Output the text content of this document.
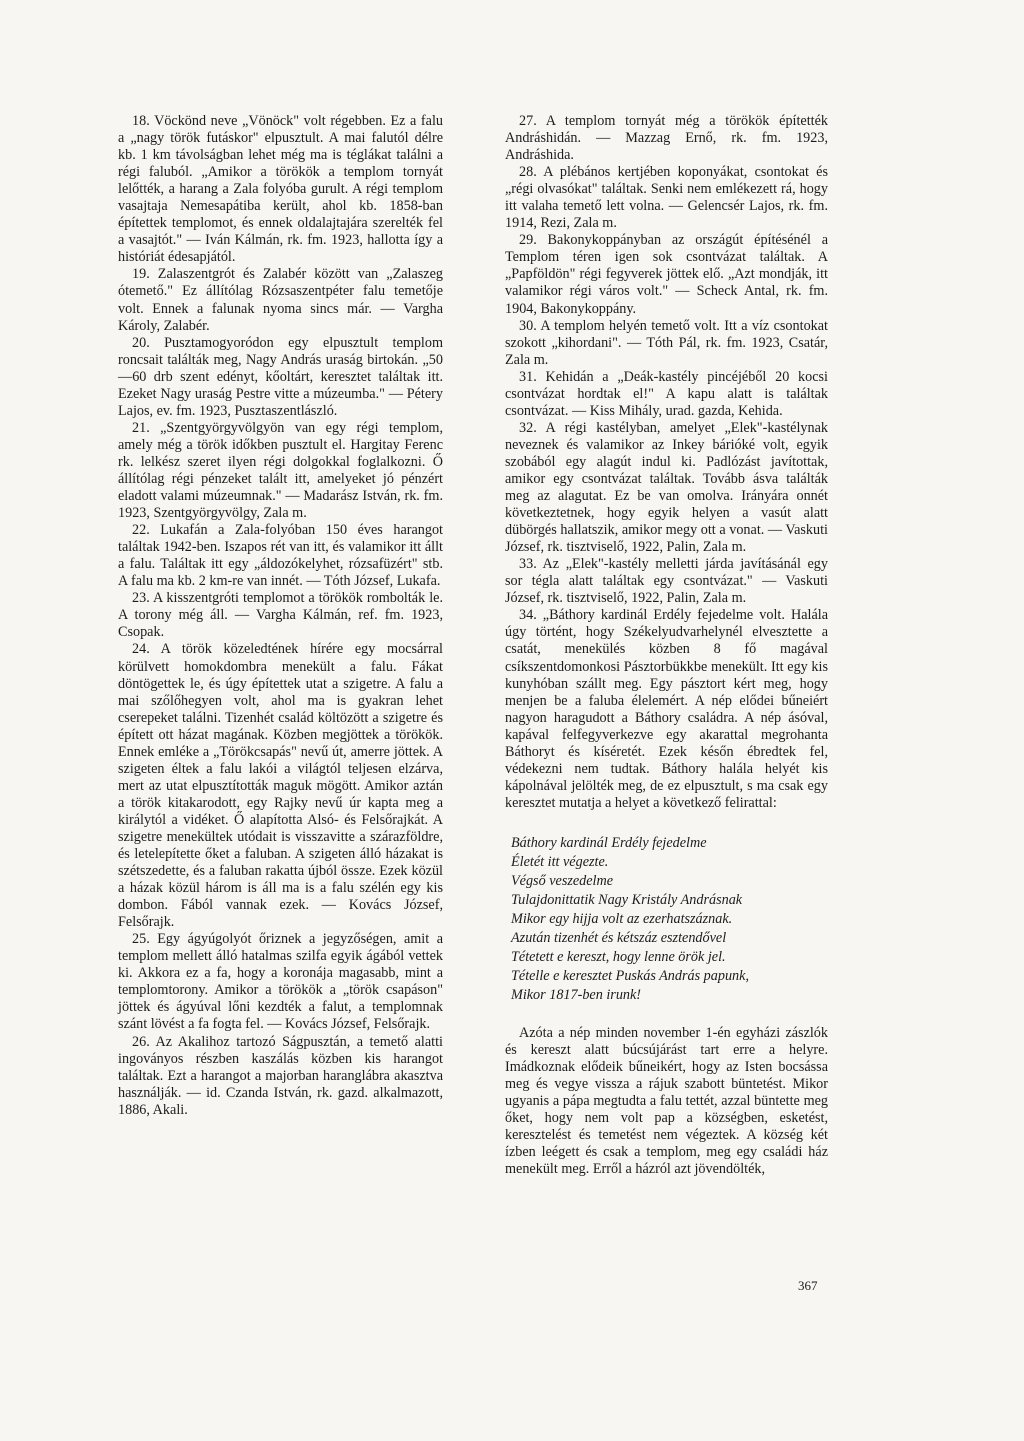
18. Vöckönd neve „Vönöck" volt régebben. Ez a falu a „nagy török futáskor" elpusztult. A mai falutól délre kb. 1 km távolságban lehet még ma is téglákat találni a régi faluból. „Amikor a törökök a templom tornyát lelőtték, a harang a Zala folyóba gurult. A régi templom vasajtaja Nemesapátiba került, ahol kb. 1858-ban építettek templomot, és ennek oldalajtajára szerelték fel a vasajtót." — Iván Kálmán, rk. fm. 1923, hallotta így a históriát édesapjától.

19. Zalaszentgrót és Zalabér között van „Zalaszeg ótemető." Ez állítólag Rózsaszentpéter falu temetője volt. Ennek a falunak nyoma sincs már. — Vargha Károly, Zalabér.

20. Pusztamogyoródon egy elpusztult templom roncsait találták meg, Nagy András uraság birtokán. „50—60 drb szent edényt, kőoltárt, keresztet találtak itt. Ezeket Nagy uraság Pestre vitte a múzeumba." — Pétery Lajos, ev. fm. 1923, Pusztaszentlászló.

21. „Szentgyörgyvölgyön van egy régi templom, amely még a török időkben pusztult el. Hargitay Ferenc rk. lelkész szeret ilyen régi dolgokkal foglalkozni. Ő állítólag régi pénzeket talált itt, amelyeket jó pénzért eladott valami múzeumnak." — Madarász István, rk. fm. 1923, Szentgyörgyvölgy, Zala m.

22. Lukafán a Zala-folyóban 150 éves harangot találtak 1942-ben. Iszapos rét van itt, és valamikor itt állt a falu. Találtak itt egy „áldozókelyhet, rózsafüzért" stb. A falu ma kb. 2 km-re van innét. — Tóth József, Lukafa.

23. A kisszentgróti templomot a törökök rombolták le. A torony még áll. — Vargha Kálmán, ref. fm. 1923, Csopak.

24. A török közeledtének hírére egy mocsárral körülvett homokdombra menekült a falu. Fákat döntögettek le, és úgy építettek utat a szigetre. A falu a mai szőlőhegyen volt, ahol ma is gyakran lehet cserepeket találni. Tizenhét család költözött a szigetre és épített ott házat magának. Közben megjöttek a törökök. Ennek emléke a „Törökcsapás" nevű út, amerre jöttek. A szigeten éltek a falu lakói a világtól teljesen elzárva, mert az utat elpusztították maguk mögött. Amikor aztán a török kitakarodott, egy Rajky nevű úr kapta meg a királytól a vidéket. Ő alapította Alsó- és Felsőrajkát. A szigetre menekültek utódait is visszavitte a szárazföldre, és letelepítette őket a faluban. A szigeten álló házakat is szétszedette, és a faluban rakatta újból össze. Ezek közül a házak közül három is áll ma is a falu szélén egy kis dombon. Fából vannak ezek. — Kovács József, Felsőrajk.

25. Egy ágyúgolyót őriznek a jegyzőségen, amit a templom mellett álló hatalmas szilfa egyik ágából vettek ki. Akkora ez a fa, hogy a koronája magasabb, mint a templomtorony. Amikor a törökök a „török csapáson" jöttek és ágyúval lőni kezdték a falut, a templomnak szánt lövést a fa fogta fel. — Kovács József, Felsőrajk.

26. Az Akalihoz tartozó Ságpusztán, a temető alatti ingoványos részben kaszálás közben kis harangot találtak. Ezt a harangot a majorban haranglábra akasztva használják. — id. Czanda István, rk. gazd. alkalmazott, 1886, Akali.

27. A templom tornyát még a törökök építették Andráshidán. — Mazzag Ernő, rk. fm. 1923, Andráshida.

28. A plébános kertjében koponyákat, csontokat és „régi olvasókat" találtak. Senki nem emlékezett rá, hogy itt valaha temető lett volna. — Gelencsér Lajos, rk. fm. 1914, Rezi, Zala m.

29. Bakonykoppányban az országút építésénél a Templom téren igen sok csontvázat találtak. A „Papföldön" régi fegyverek jöttek elő. „Azt mondják, itt valamikor régi város volt." — Scheck Antal, rk. fm. 1904, Bakonykoppány.

30. A templom helyén temető volt. Itt a víz csontokat szokott „kihordani". — Tóth Pál, rk. fm. 1923, Csatár, Zala m.

31. Kehidán a „Deák-kastély pincéjéből 20 kocsi csontvázat hordtak el!" A kapu alatt is találtak csontvázat. — Kiss Mihály, urad. gazda, Kehida.

32. A régi kastélyban, amelyet „Elek"-kastélynak neveznek és valamikor az Inkey bárióké volt, egyik szobából egy alagút indul ki. Padlózást javítottak, amikor egy csontvázat találtak. Tovább ásva találták meg az alagutat. Ez be van omolva. Irányára onnét következtetnek, hogy egyik helyen a vasút alatt dübörgés hallatszik, amikor megy ott a vonat. — Vaskuti József, rk. tisztviselő, 1922, Palin, Zala m.

33. Az „Elek"-kastély melletti járda javításánál egy sor tégla alatt találtak egy csontvázat." — Vaskuti József, rk. tisztviselő, 1922, Palin, Zala m.

34. „Báthory kardinál Erdély fejedelme volt. Halála úgy történt, hogy Székelyudvarhelynél elvesztette a csatát, menekülés közben 8 fő magával csíkszentdomonkosi Pásztorbükkbe menekült. Itt egy kis kunyhóban szállt meg. Egy pásztort kért meg, hogy menjen be a faluba élelemért. A nép elődei bűneiért nagyon haragudott a Báthory családra. A nép ásóval, kapával felfegyverkezve egy akarattal megrohanta Báthoryt és kíséretét. Ezek későn ébredtek fel, védekezni nem tudtak. Báthory halála helyét kis kápolnával jelölték meg, de ez elpusztult, s ma csak egy keresztet mutatja a helyet a következő felirattal:

Báthory kardinál Erdély fejedelme
Életét itt végezte.
Végső veszedelme
Tulajdonittatik Nagy Kristály Andrásnak
Mikor egy hijja volt az ezerhatszáznak.
Azután tizenhét és kétszáz esztendővel
Tétetett e kereszt, hogy lenne örök jel.
Tételle e keresztet Puskás András papunk,
Mikor 1817-ben irunk!

Azóta a nép minden november 1-én egyházi zászlók és kereszt alatt búcsújárást tart erre a helyre. Imádkoznak elődeik bűneikért, hogy az Isten bocsássa meg és vegye vissza a rájuk szabott büntetést. Mikor ugyanis a pápa megtudta a falu tettét, azzal büntette meg őket, hogy nem volt pap a községben, esketést, keresztelést és temetést nem végeztek. A község két ízben leégett és csak a templom, meg egy családi ház menekült meg. Erről a házról azt jövendölték,

367
